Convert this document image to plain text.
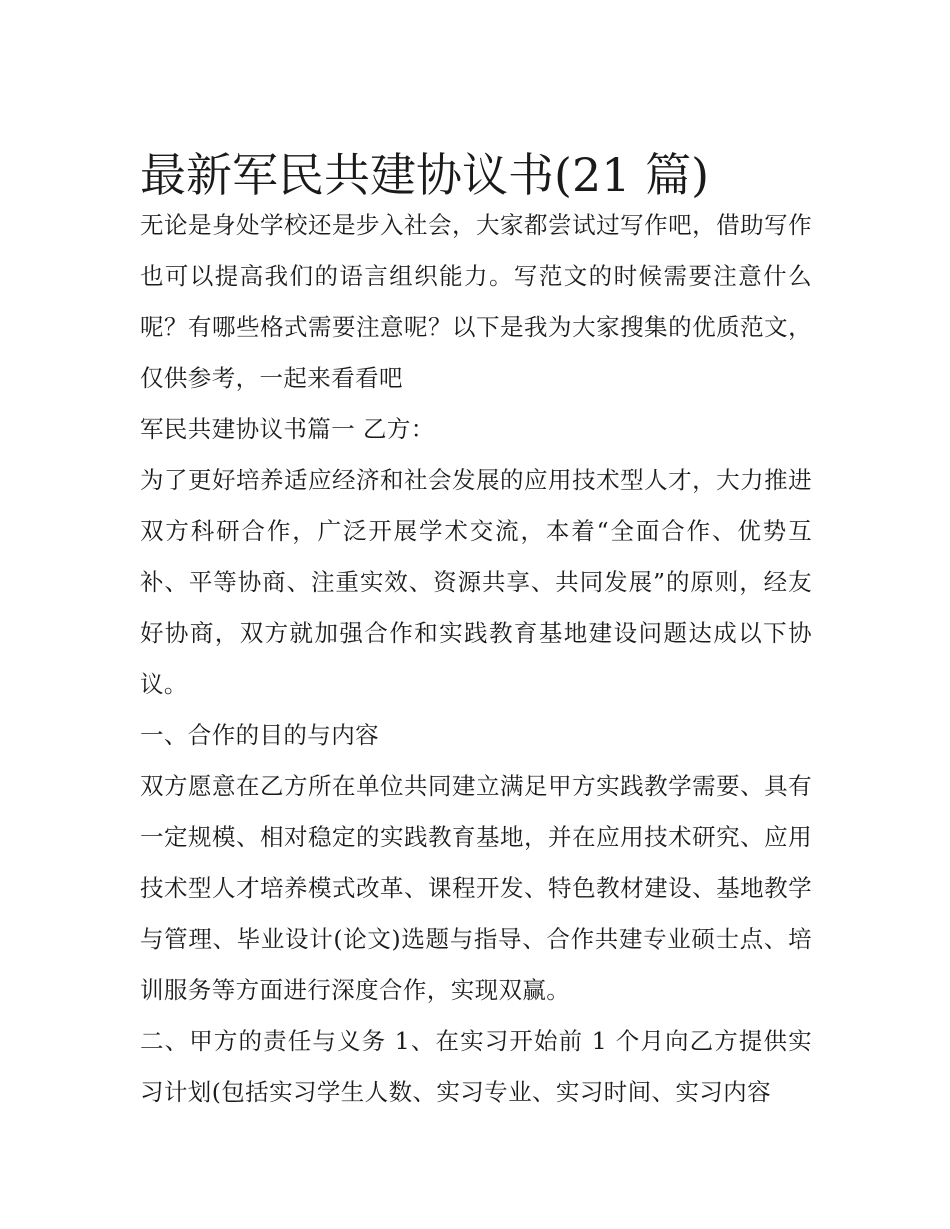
最新军民共建协议书(21 篇)

无论是身处学校还是步入社会，大家都尝试过写作吧，借助写作也可以提高我们的语言组织能力。写范文的时候需要注意什么呢？有哪些格式需要注意呢？以下是我为大家搜集的优质范文，仅供参考，一起来看看吧

军民共建协议书篇一 乙方：

为了更好培养适应经济和社会发展的应用技术型人才，大力推进双方科研合作，广泛开展学术交流，本着“全面合作、优势互补、平等协商、注重实效、资源共享、共同发展”的原则，经友好协商，双方就加强合作和实践教育基地建设问题达成以下协议。

一、合作的目的与内容

双方愿意在乙方所在单位共同建立满足甲方实践教学需要、具有一定规模、相对稳定的实践教育基地，并在应用技术研究、应用技术型人才培养模式改革、课程开发、特色教材建设、基地教学与管理、毕业设计(论文)选题与指导、合作共建专业硕士点、培训服务等方面进行深度合作，实现双赢。

二、甲方的责任与义务 1、在实习开始前 1 个月向乙方提供实习计划(包括实习学生人数、实习专业、实习时间、实习内容
